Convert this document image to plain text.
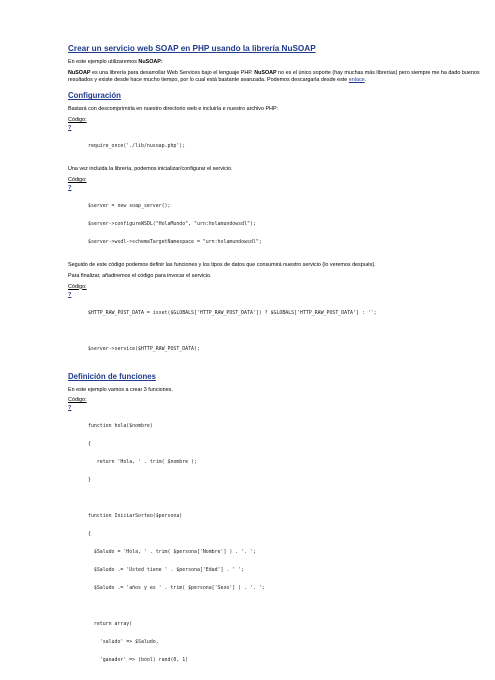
Crear un servicio web SOAP en PHP usando la librería NuSOAP
En este ejemplo utilizaremos NuSOAP:
NuSOAP es una librería para desarrollar Web Services bajo el lenguaje PHP. NuSOAP no es el único soporte (hay muchas más librerías) pero siempre me ha dado buenos resultados y existe desde hace mucho tiempo, por lo cual está bastante avanzada. Podemos descargarla desde este enlace.
Configuración
Bastará con descomprimirla en nuestro directorio web e incluirla e nuestro archivo PHP:
Código:
?

require_once('./lib/nusoap.php');

Una vez incluida la librería, podemos inicializar/configurar el servicio.
Código:
?

$server = new soap_server();

$server->configureWSDL("HolaMundo", "urn:holamundowsdl");

$server->wsdl->schemaTargetNamespace = "urn:holamundowsdl";

Seguido de este código podemos definir las funciones y los tipos de datos que consumirá nuestro servicio (lo veremos después).
Para finalizar, añadiremos el código para invocar el servicio.
Código:
?

$HTTP_RAW_POST_DATA = isset($GLOBALS['HTTP_RAW_POST_DATA']) ? $GLOBALS['HTTP_RAW_POST_DATA'] : '';

$server->service($HTTP_RAW_POST_DATA);

Definición de funciones
En este ejemplo vamos a crear 3 funciones.
Código:
?

function hola($nombre)

{

return 'Hola, ' . trim( $nombre );

}

function IniciarSorteo($persona)

{

$Saludo = 'Hola, ' . trim( $persona['Nombre'] ) . '. ';

$Saludo .= 'Usted tiene ' . $persona['Edad'] . ' ';

$Saludo .= 'años y es ' . trim( $persona['Sexo'] ) . '. ';

return array(

'saludo' => $Saludo,

'ganador' => (bool) rand(0, 1)
